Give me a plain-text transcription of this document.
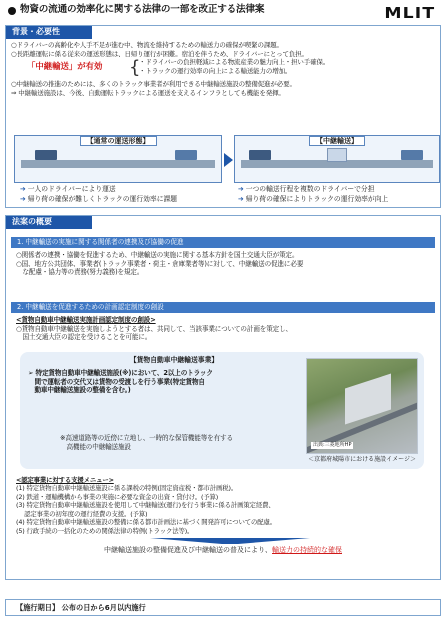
物資の流通の効率化に関する法律の一部を改正する法律案	MLIT
背景・必要性
○ドライバーの高齢化や人手不足が進む中、物流を維持するための輸送力の確保が喫緊の課題。
○長距離運転に係る従来の運送形態は、日帰り運行が困難。宿泊を伴うため、ドライバーにとって負担。
「中継輸送」が有効 {
・ドライバーの負担軽減による物流産業の魅力向上・担い手確保。
・トラックの運行効率の向上による輸送能力の増加。
○中継輸送の推進のためには、多くのトラック事業者が利用できる中継輸送施設の整備促進が必要。
⇒ 中継輸送施設は、今後、自動運転トラックによる運送を支えるインフラとしても機能を発揮。
【通常の運送形態】	【中継輸送】
➔ 一人のドライバーにより運送
➔ 帰り荷の確保が難しくトラックの運行効率に課題
➔ 一つの輸送行程を複数のドライバーで分担
➔ 帰り荷の確保によりトラックの運行効率が向上
法案の概要
1. 中継輸送の実施に関する関係者の連携及び協働の促進
○関係者の連携・協働を促進するため、中継輸送の実施に関する基本方針を国土交通大臣が策定。
○国、地方公共団体、事業者(トラック事業者・荷主・倉庫業者等)に対して、中継輸送の促進に必要
　な配慮・協力等の責務(努力義務)を規定。
2. 中継輸送を促進するための計画認定制度の創設
<貨物自動車中継輸送実施計画認定制度の創設>
○貨物自動車中継輸送を実施しようとする者は、共同して、当該事業についての計画を策定し、
　国土交通大臣の認定を受けることを可能に。
【貨物自動車中継輸送事業】
➢ 特定貨物自動車中継輸送施設(※)において、2以上のトラック
　間で運転者の交代又は貨物の受渡しを行う事業(特定貨物自
　動車中継輸送施設の整備を含む。)
※高速道路等の近傍に立地し、一時的な保管機能等を有する
　高機能の中継輸送施設	出典:三菱地所HP
＜京都府城陽市における施設イメージ＞
<認定事業に対する支援メニュー>
(1) 特定貨物自動車中継輸送施設に係る課税の特例(固定資産税・都市計画税)。
(2) 鉄道・運輸機構から事業の実施に必要な資金の出資・貸付け。(予算)
(3) 特定貨物自動車中継輸送施設を使用して中継輸送(運行)を行う事業に係る計画策定経費、
　 認定事業の初年度の運行経費の支援。(予算)
(4) 特定貨物自動車中継輸送施設の整備に係る都市計画法に基づく開発許可についての配慮。
(5) 行政手続の一括化のための関係法律の特例(トラック法等)。
中継輸送施設の整備促進及び中継輸送の普及により、輸送力の持続的な確保
【施行期日】 公布の日から6月以内施行
